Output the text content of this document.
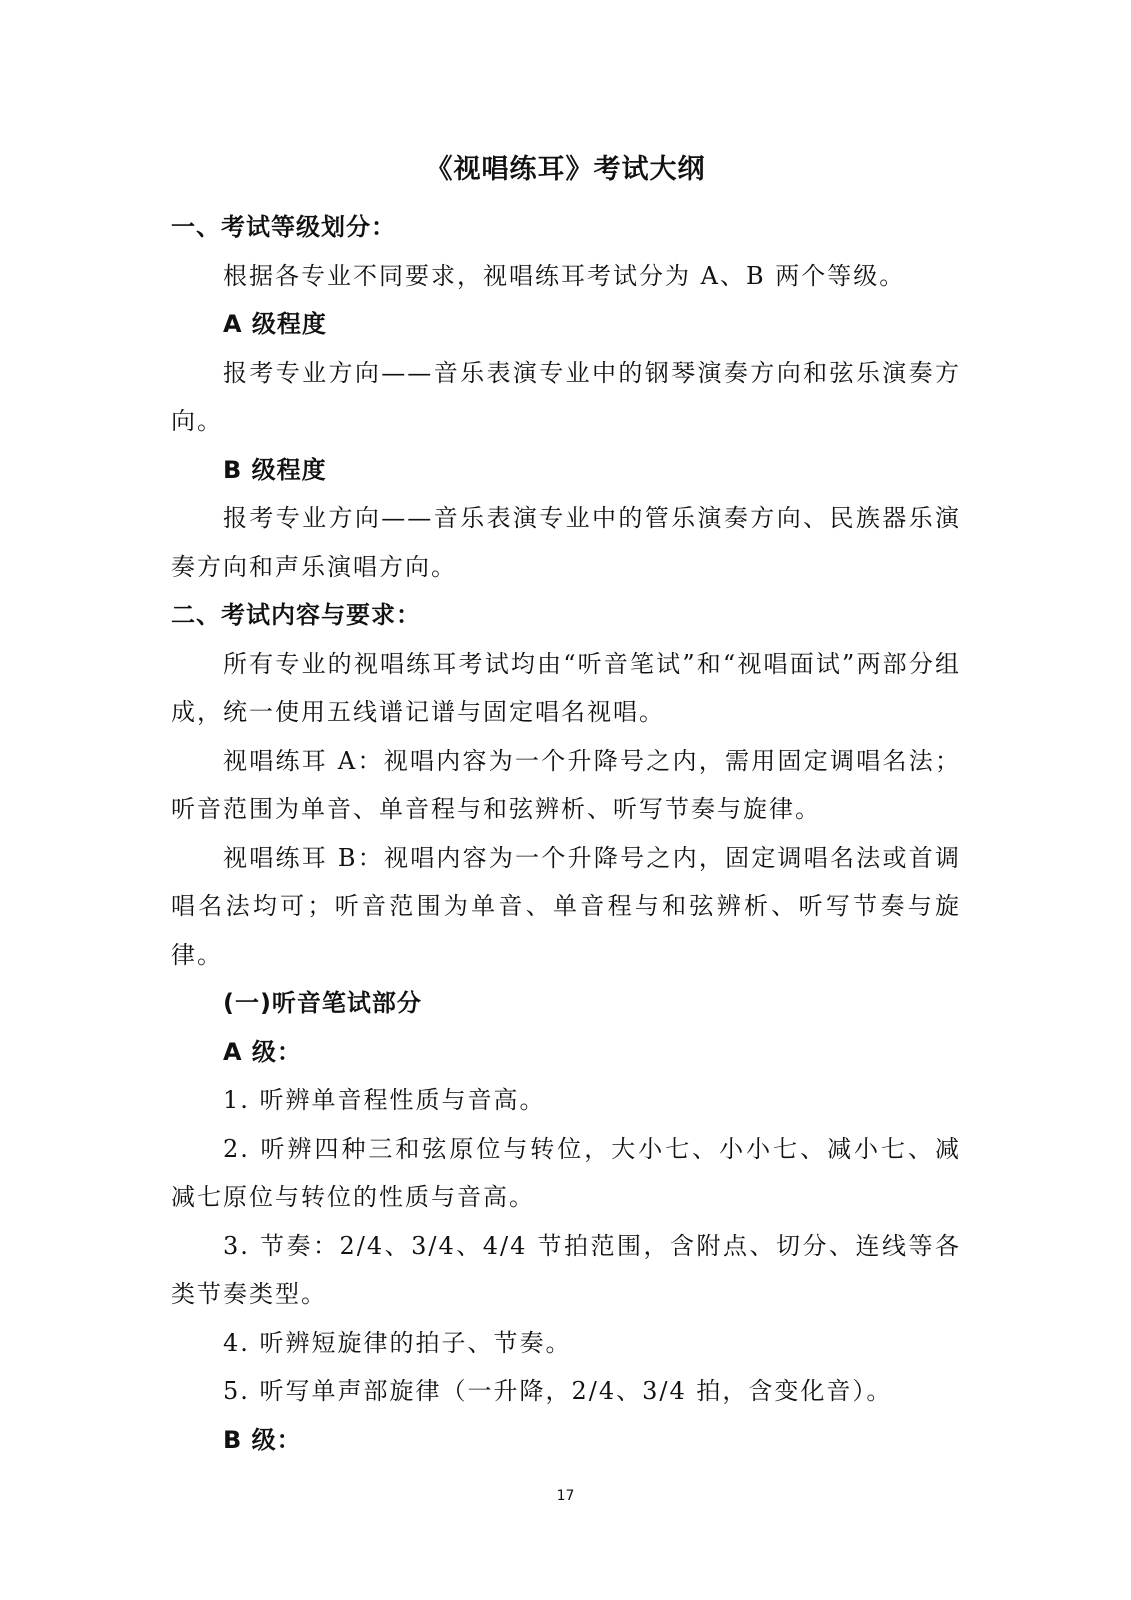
《视唱练耳》考试大纲

一、考试等级划分：

根据各专业不同要求，视唱练耳考试分为 A、B 两个等级。

A 级程度

报考专业方向——音乐表演专业中的钢琴演奏方向和弦乐演奏方向。

B 级程度

报考专业方向——音乐表演专业中的管乐演奏方向、民族器乐演奏方向和声乐演唱方向。

二、考试内容与要求：

所有专业的视唱练耳考试均由“听音笔试”和“视唱面试”两部分组成，统一使用五线谱记谱与固定唱名视唱。

视唱练耳 A：视唱内容为一个升降号之内，需用固定调唱名法；听音范围为单音、单音程与和弦辨析、听写节奏与旋律。

视唱练耳 B：视唱内容为一个升降号之内，固定调唱名法或首调唱名法均可；听音范围为单音、单音程与和弦辨析、听写节奏与旋律。

(一)听音笔试部分

A 级：

1. 听辨单音程性质与音高。

2. 听辨四种三和弦原位与转位，大小七、小小七、减小七、减减七原位与转位的性质与音高。

3. 节奏：2/4、3/4、4/4 节拍范围，含附点、切分、连线等各类节奏类型。

4. 听辨短旋律的拍子、节奏。

5. 听写单声部旋律（一升降，2/4、3/4 拍，含变化音）。

B 级：

17
